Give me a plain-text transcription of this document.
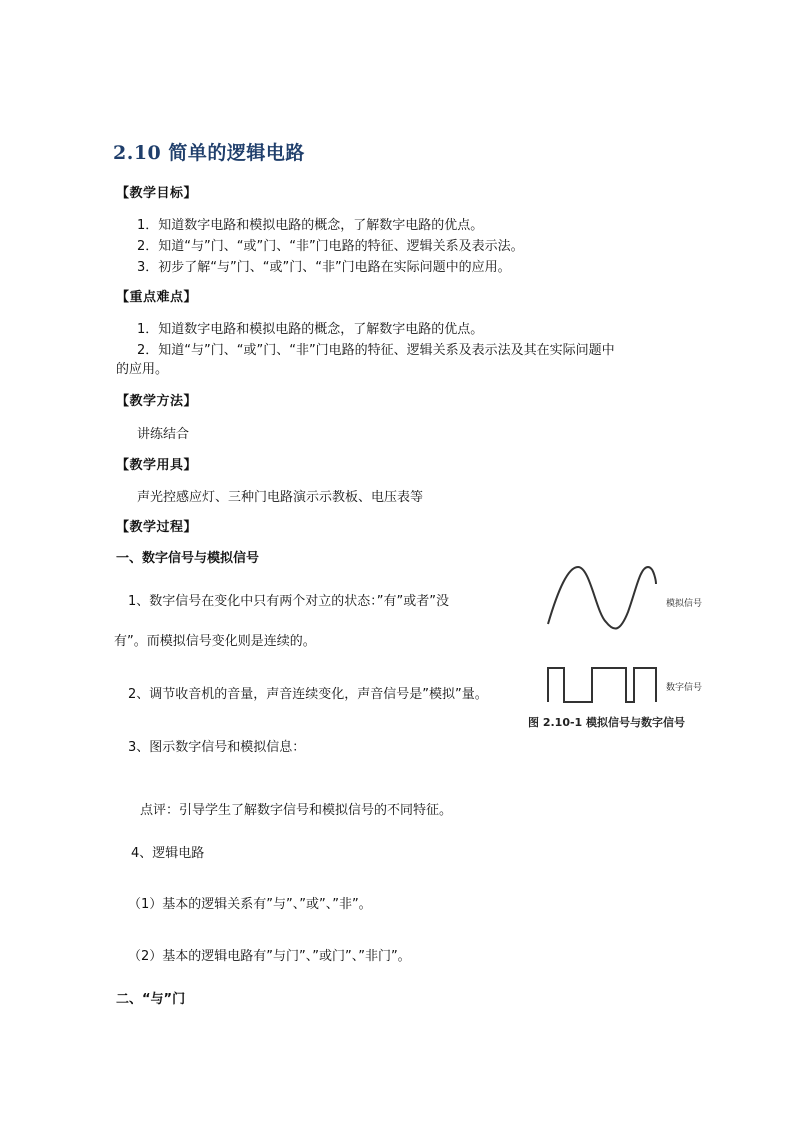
2.10 简单的逻辑电路
【教学目标】
1．知道数字电路和模拟电路的概念，了解数字电路的优点。
2．知道“与”门、“或”门、“非”门电路的特征、逻辑关系及表示法。
3．初步了解“与”门、“或”门、“非”门电路在实际问题中的应用。
【重点难点】
1．知道数字电路和模拟电路的概念，了解数字电路的优点。
2．知道“与”门、“或”门、“非”门电路的特征、逻辑关系及表示法及其在实际问题中
的应用。
【教学方法】
讲练结合
【教学用具】
声光控感应灯、三种门电路演示示教板、电压表等
【教学过程】
一、数字信号与模拟信号
1、数字信号在变化中只有两个对立的状态：”有”或者”没
有”。而模拟信号变化则是连续的。
2、调节收音机的音量，声音连续变化，声音信号是”模拟”量。
3、图示数字信号和模拟信息：
点评：引导学生了解数字信号和模拟信号的不同特征。
4、逻辑电路
（1）基本的逻辑关系有”与”、”或”、”非”。
（2）基本的逻辑电路有”与门”、”或门”、”非门”。
二、“与”门
模拟信号
数字信号
图 2.10-1 模拟信号与数字信号
